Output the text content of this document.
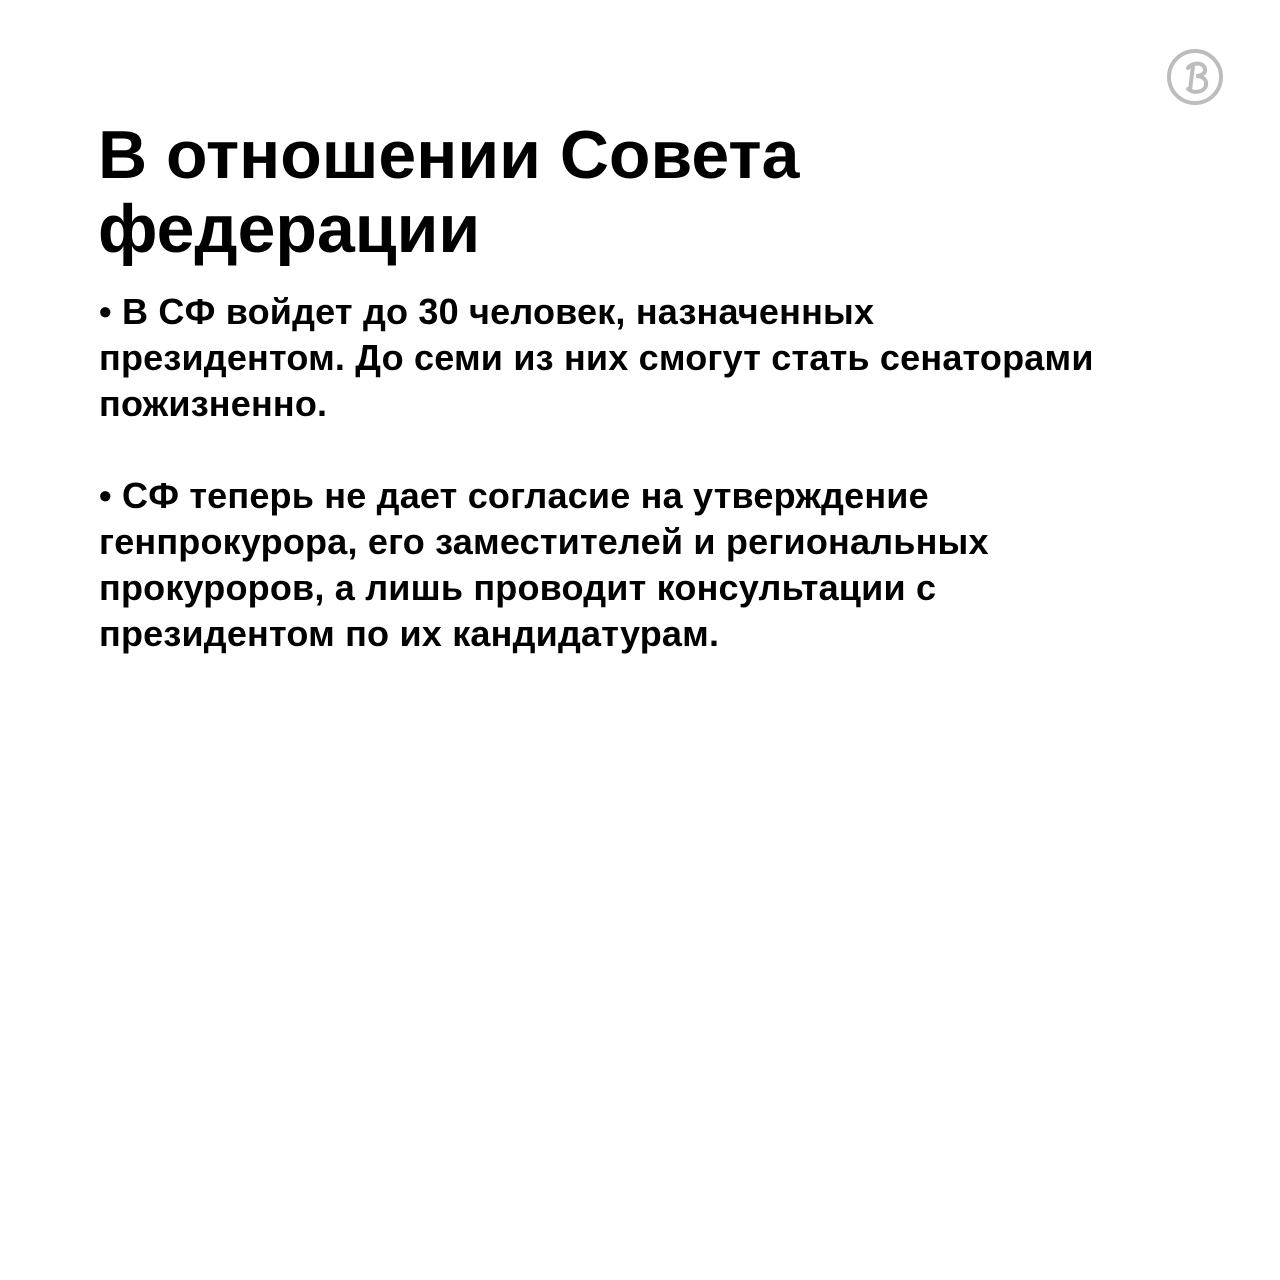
В отношении Совета
федерации

• В СФ войдет до 30 человек, назначенных
президентом. До семи из них смогут стать сенаторами
пожизненно.

• СФ теперь не дает согласие на утверждение
генпрокурора, его заместителей и региональных
прокуроров, а лишь проводит консультации с
президентом по их кандидатурам.
